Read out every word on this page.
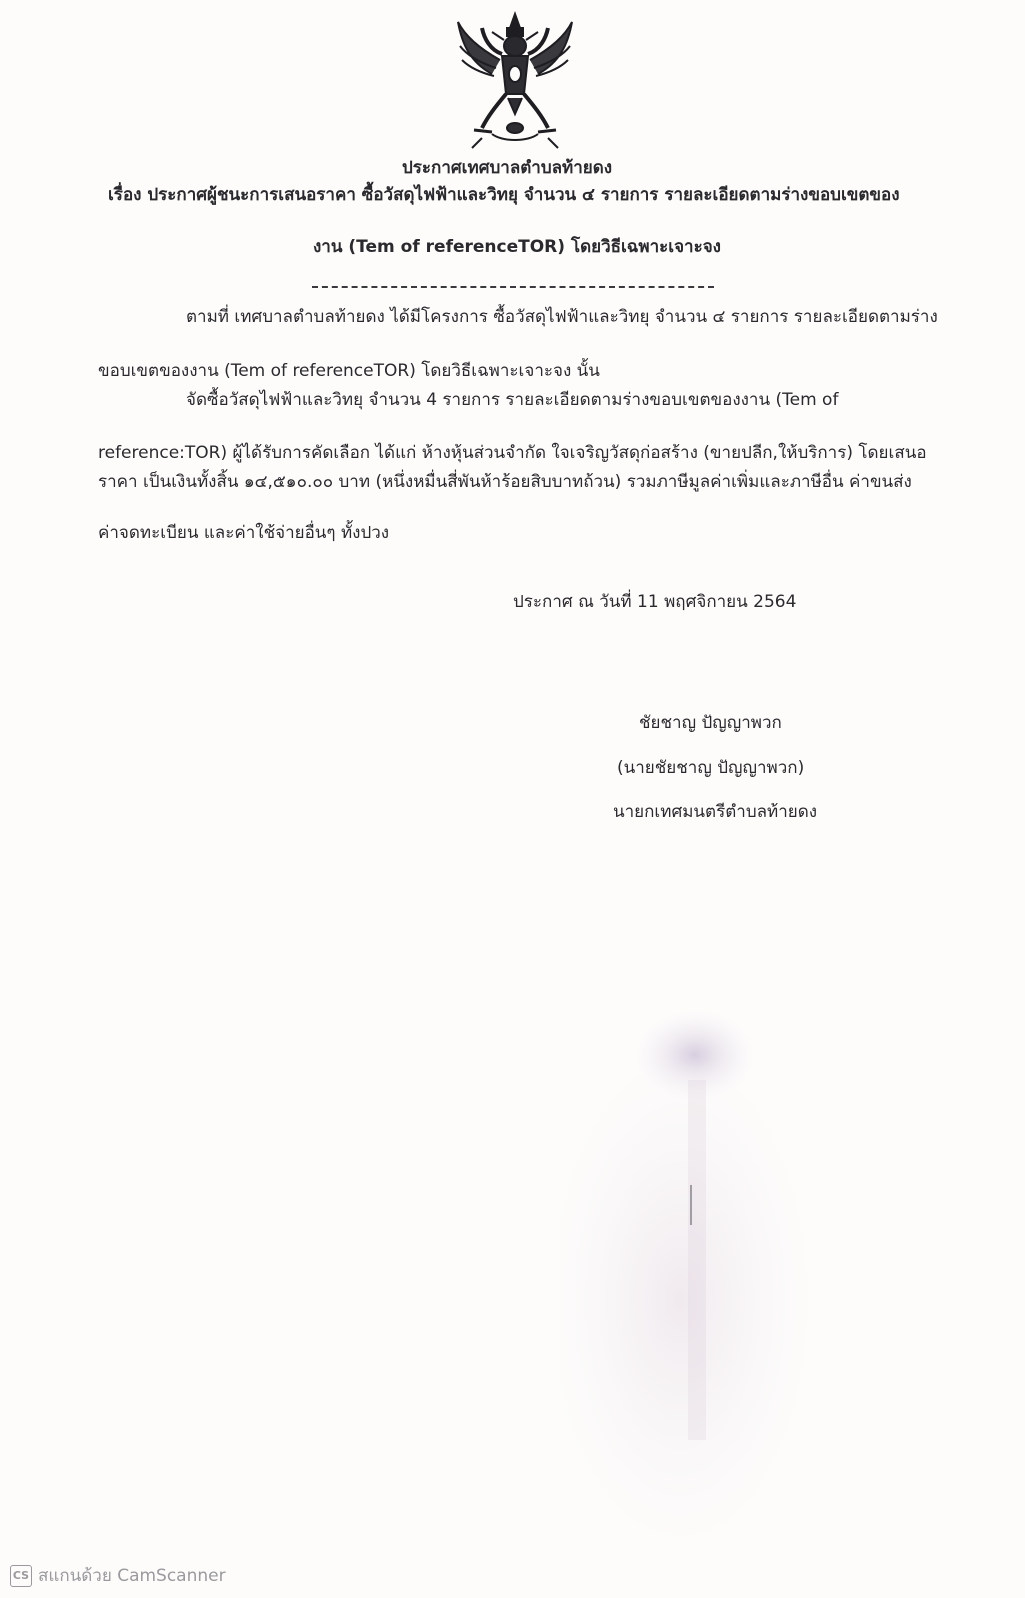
ประกาศเทศบาลตำบลท้ายดง
เรื่อง ประกาศผู้ชนะการเสนอราคา ซื้อวัสดุไฟฟ้าและวิทยุ จำนวน ๔ รายการ รายละเอียดตามร่างขอบเขตของ
งาน (Tem of referenceTOR) โดยวิธีเฉพาะเจาะจง
ตามที่ เทศบาลตำบลท้ายดง ได้มีโครงการ ซื้อวัสดุไฟฟ้าและวิทยุ จำนวน ๔ รายการ รายละเอียดตามร่าง
ขอบเขตของงาน (Tem of referenceTOR) โดยวิธีเฉพาะเจาะจง นั้น
จัดซื้อวัสดุไฟฟ้าและวิทยุ จำนวน 4 รายการ รายละเอียดตามร่างขอบเขตของงาน (Tem of
reference:TOR) ผู้ได้รับการคัดเลือก ได้แก่ ห้างหุ้นส่วนจำกัด ใจเจริญวัสดุก่อสร้าง (ขายปลีก,ให้บริการ) โดยเสนอ
ราคา เป็นเงินทั้งสิ้น ๑๔,๕๑๐.๐๐ บาท (หนึ่งหมื่นสี่พันห้าร้อยสิบบาทถ้วน) รวมภาษีมูลค่าเพิ่มและภาษีอื่น ค่าขนส่ง
ค่าจดทะเบียน และค่าใช้จ่ายอื่นๆ ทั้งปวง
ประกาศ ณ วันที่ 11 พฤศจิกายน 2564
ชัยชาญ ปัญญาพวก
(นายชัยชาญ ปัญญาพวก)
นายกเทศมนตรีตำบลท้ายดง
CS สแกนด้วย CamScanner
